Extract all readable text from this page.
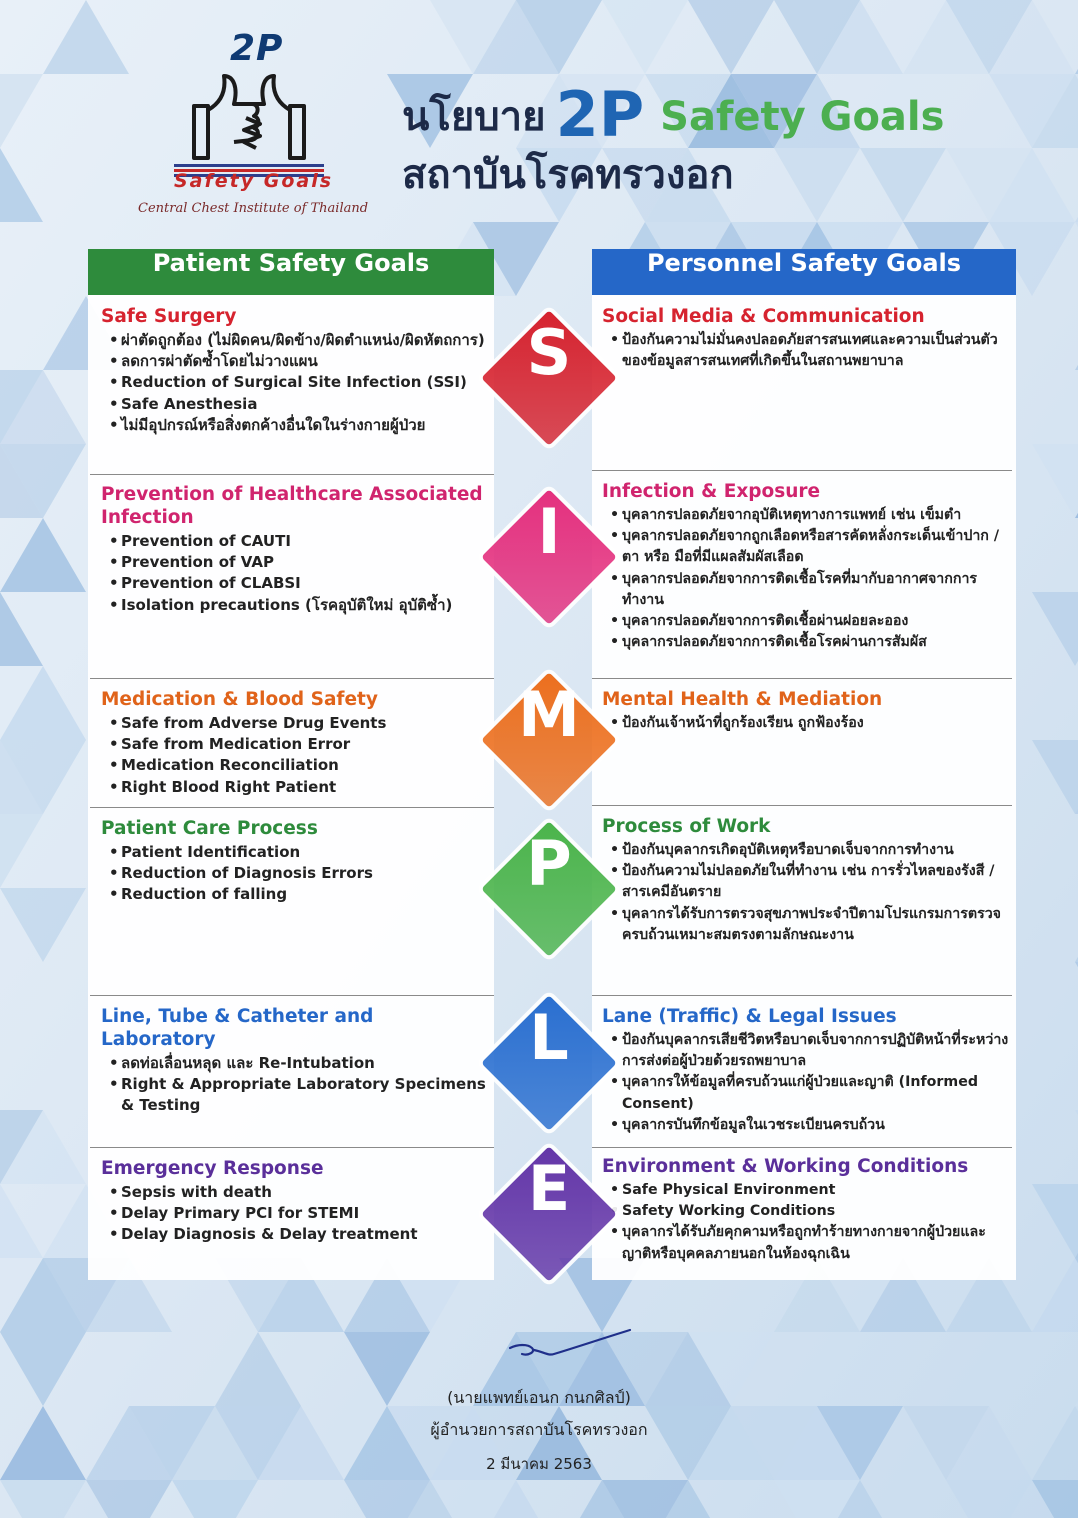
2P
Safety Goals
Central Chest Institute of Thailand
นโยบาย 2P Safety Goals
สถาบันโรคทรวงอก
Patient Safety Goals	Personnel Safety Goals
Safe Surgery
• ผ่าตัดถูกต้อง (ไม่ผิดคน/ผิดข้าง/ผิดตำแหน่ง/ผิดหัตถการ)
• ลดการผ่าตัดซ้ำโดยไม่วางแผน
• Reduction of Surgical Site Infection (SSI)
• Safe Anesthesia
• ไม่มีอุปกรณ์หรือสิ่งตกค้างอื่นใดในร่างกายผู้ป่วย
Prevention of Healthcare Associated Infection
• Prevention of CAUTI
• Prevention of VAP
• Prevention of CLABSI
• Isolation precautions (โรคอุบัติใหม่ อุบัติซ้ำ)
Medication & Blood Safety
• Safe from Adverse Drug Events
• Safe from Medication Error
• Medication Reconciliation
• Right Blood Right Patient
Patient Care Process
• Patient Identification
• Reduction of Diagnosis Errors
• Reduction of falling
Line, Tube & Catheter and Laboratory
• ลดท่อเลื่อนหลุด และ Re-Intubation
• Right & Appropriate Laboratory Specimens & Testing
Emergency Response
• Sepsis with death
• Delay Primary PCI for STEMI
• Delay Diagnosis & Delay treatment
Social Media & Communication
• ป้องกันความไม่มั่นคงปลอดภัยสารสนเทศและความเป็นส่วนตัวของข้อมูลสารสนเทศที่เกิดขึ้นในสถานพยาบาล
Infection & Exposure
• บุคลากรปลอดภัยจากอุบัติเหตุทางการแพทย์ เช่น เข็มตำ
• บุคลากรปลอดภัยจากถูกเลือดหรือสารคัดหลั่งกระเด็นเข้าปาก /ตา หรือ มือที่มีแผลสัมผัสเลือด
• บุคลากรปลอดภัยจากการติดเชื้อโรคที่มากับอากาศจากการทำงาน
• บุคลากรปลอดภัยจากการติดเชื้อผ่านฝอยละออง
• บุคลากรปลอดภัยจากการติดเชื้อโรคผ่านการสัมผัส
Mental Health & Mediation
• ป้องกันเจ้าหน้าที่ถูกร้องเรียน ถูกฟ้องร้อง
Process of Work
• ป้องกันบุคลากรเกิดอุบัติเหตุหรือบาดเจ็บจากการทำงาน
• ป้องกันความไม่ปลอดภัยในที่ทำงาน เช่น การรั่วไหลของรังสี / สารเคมีอันตราย
• บุคลากรได้รับการตรวจสุขภาพประจำปีตามโปรแกรมการตรวจครบถ้วนเหมาะสมตรงตามลักษณะงาน
Lane (Traffic) & Legal Issues
• ป้องกันบุคลากรเสียชีวิตหรือบาดเจ็บจากการปฏิบัติหน้าที่ระหว่างการส่งต่อผู้ป่วยด้วยรถพยาบาล
• บุคลากรให้ข้อมูลที่ครบถ้วนแก่ผู้ป่วยและญาติ (Informed Consent)
• บุคลากรบันทึกข้อมูลในเวชระเบียนครบถ้วน
Environment & Working Conditions
• Safe Physical Environment
• Safety Working Conditions
• บุคลากรได้รับภัยคุกคามหรือถูกทำร้ายทางกายจากผู้ป่วยและญาติหรือบุคคลภายนอกในห้องฉุกเฉิน
S
I
M
P
L
E
(นายแพทย์เอนก กนกศิลป์)
ผู้อำนวยการสถาบันโรคทรวงอก
2 มีนาคม 2563
